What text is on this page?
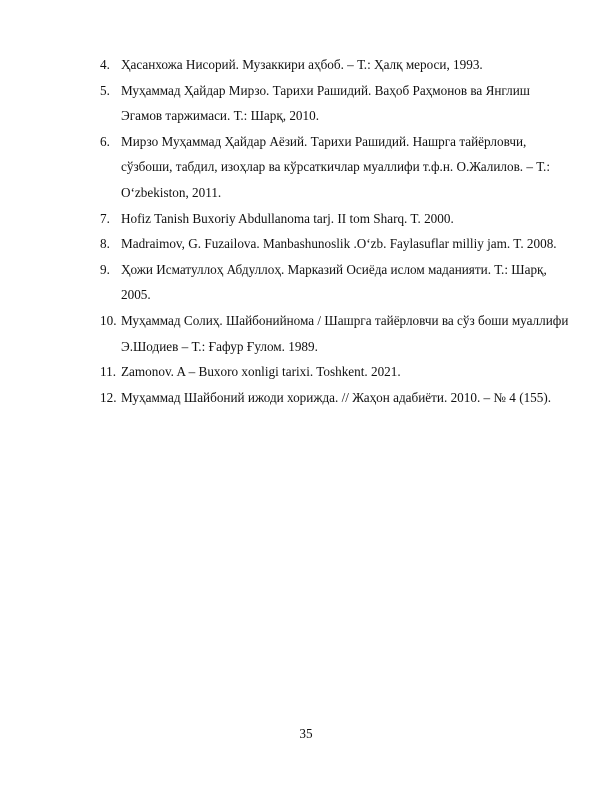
4. Ҳасанхожа Нисорий. Музаккири аҳбоб. – Т.: Ҳалқ мероси, 1993.
5. Муҳаммад Ҳайдар Мирзо. Тарихи Рашидий. Ваҳоб Раҳмонов ва Янглиш Эгамов таржимаси. Т.: Шарқ, 2010.
6. Мирзо Муҳаммад Ҳайдар Аёзий. Тарихи Рашидий. Нашрга тайёрловчи, сўзбоши, табдил, изоҳлар ва кўрсаткичлар муаллифи т.ф.н. О.Жалилов. – Т.: O‘zbekiston, 2011.
7. Hofiz Tanish Buxoriy Abdullanoma tarj. II tom Sharq. T. 2000.
8. Madraimov, G. Fuzailova. Manbashunoslik .O‘zb. Faylasuflar milliy jam. T. 2008.
9. Ҳожи Исматуллоҳ Абдуллоҳ. Марказий Осиёда ислом маданияти. Т.: Шарқ, 2005.
10. Муҳаммад Солиҳ. Шайбонийнома / Шашрга тайёрловчи ва сўз боши муаллифи Э.Шодиев – Т.: Ғафур Ғулом. 1989.
11. Zamonov. A – Buxoro xonligi tarixi. Toshkent. 2021.
12. Муҳаммад Шайбоний ижоди хорижда. // Жаҳон адабиёти. 2010. – № 4 (155).
35
